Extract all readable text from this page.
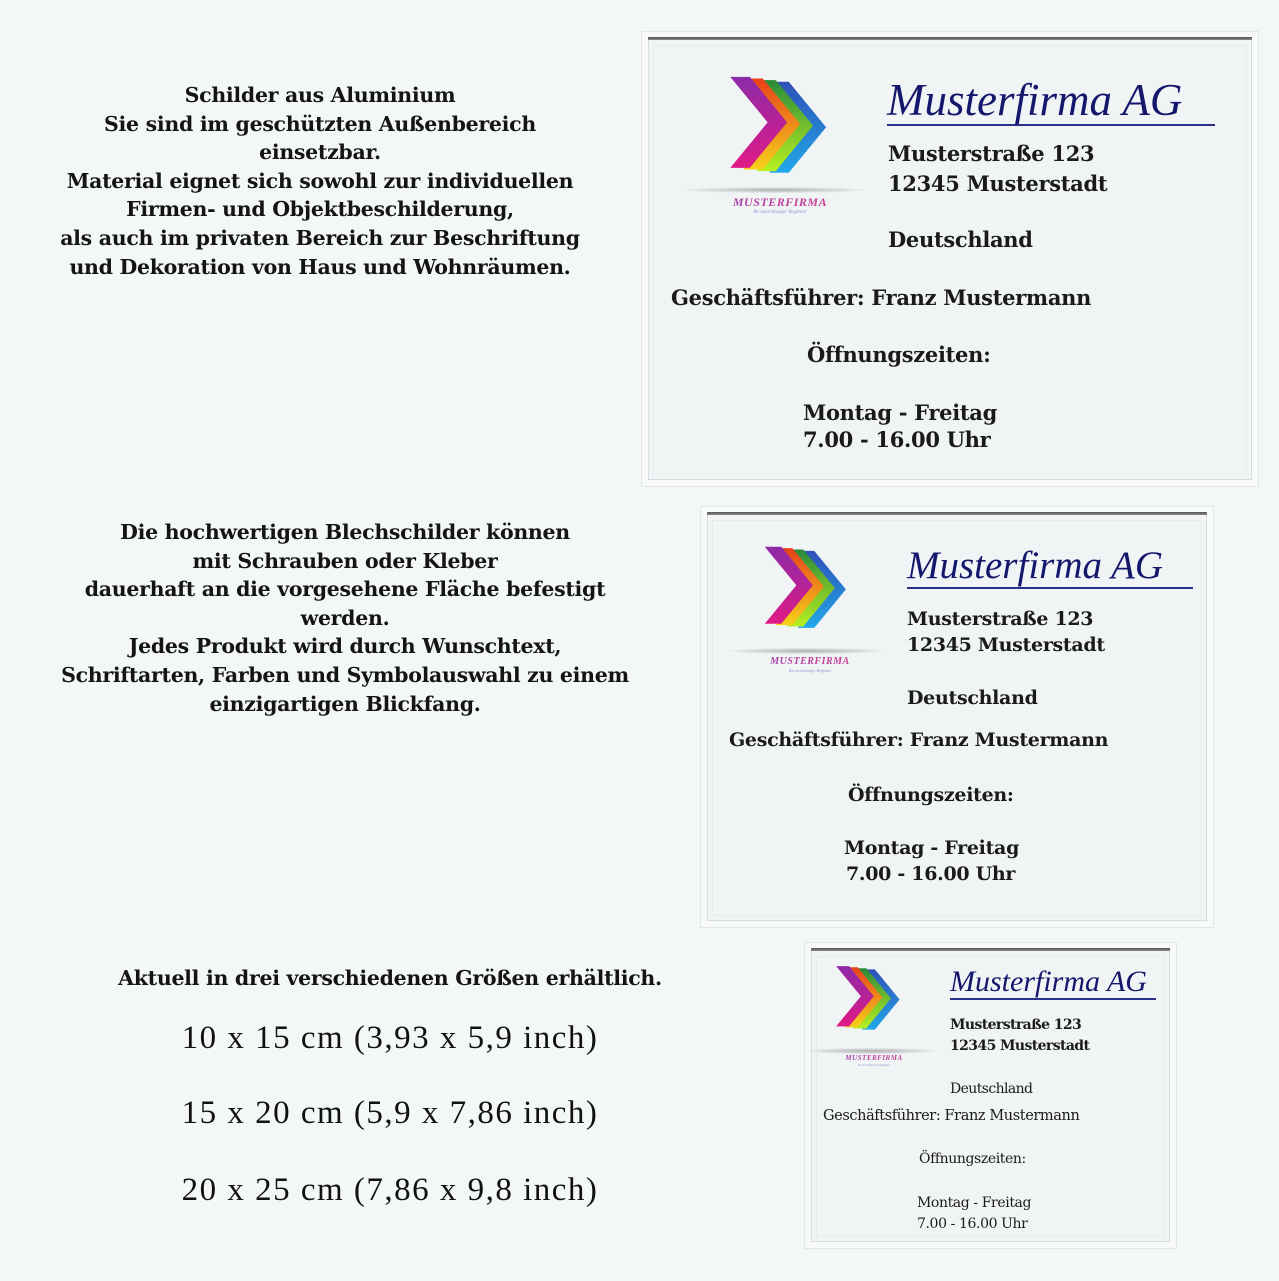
Schilder aus Aluminium
Sie sind im geschützten Außenbereich
einsetzbar.
Material eignet sich sowohl zur individuellen
Firmen- und Objektbeschilderung,
als auch im privaten Bereich zur Beschriftung
und Dekoration von Haus und Wohnräumen.
Die hochwertigen Blechschilder können
mit Schrauben oder Kleber
dauerhaft an die vorgesehene Fläche befestigt
werden.
Jedes Produkt wird durch Wunschtext,
Schriftarten, Farben und Symbolauswahl zu einem
einzigartigen Blickfang.
Aktuell in drei verschiedenen Größen erhältlich.
10 x 15 cm (3,93 x 5,9 inch)
15 x 20 cm (5,9 x 7,86 inch)
20 x 25 cm (7,86 x 9,8 inch)
MUSTERFIRMA
Ihr zuverlässiger Begleiter
Musterfirma AG
Musterstraße 123
12345 Musterstadt
Deutschland
Geschäftsführer: Franz Mustermann
Öffnungszeiten:
Montag - Freitag
7.00 - 16.00 Uhr
MUSTERFIRMA
Ihr zuverlässiger Begleiter
Musterfirma AG
Musterstraße 123
12345 Musterstadt
Deutschland
Geschäftsführer: Franz Mustermann
Öffnungszeiten:
Montag - Freitag
7.00 - 16.00 Uhr
MUSTERFIRMA
Ihr zuverlässiger Begleiter
Musterfirma AG
Musterstraße 123
12345 Musterstadt
Deutschland
Geschäftsführer: Franz Mustermann
Öffnungszeiten:
Montag - Freitag
7.00 - 16.00 Uhr
